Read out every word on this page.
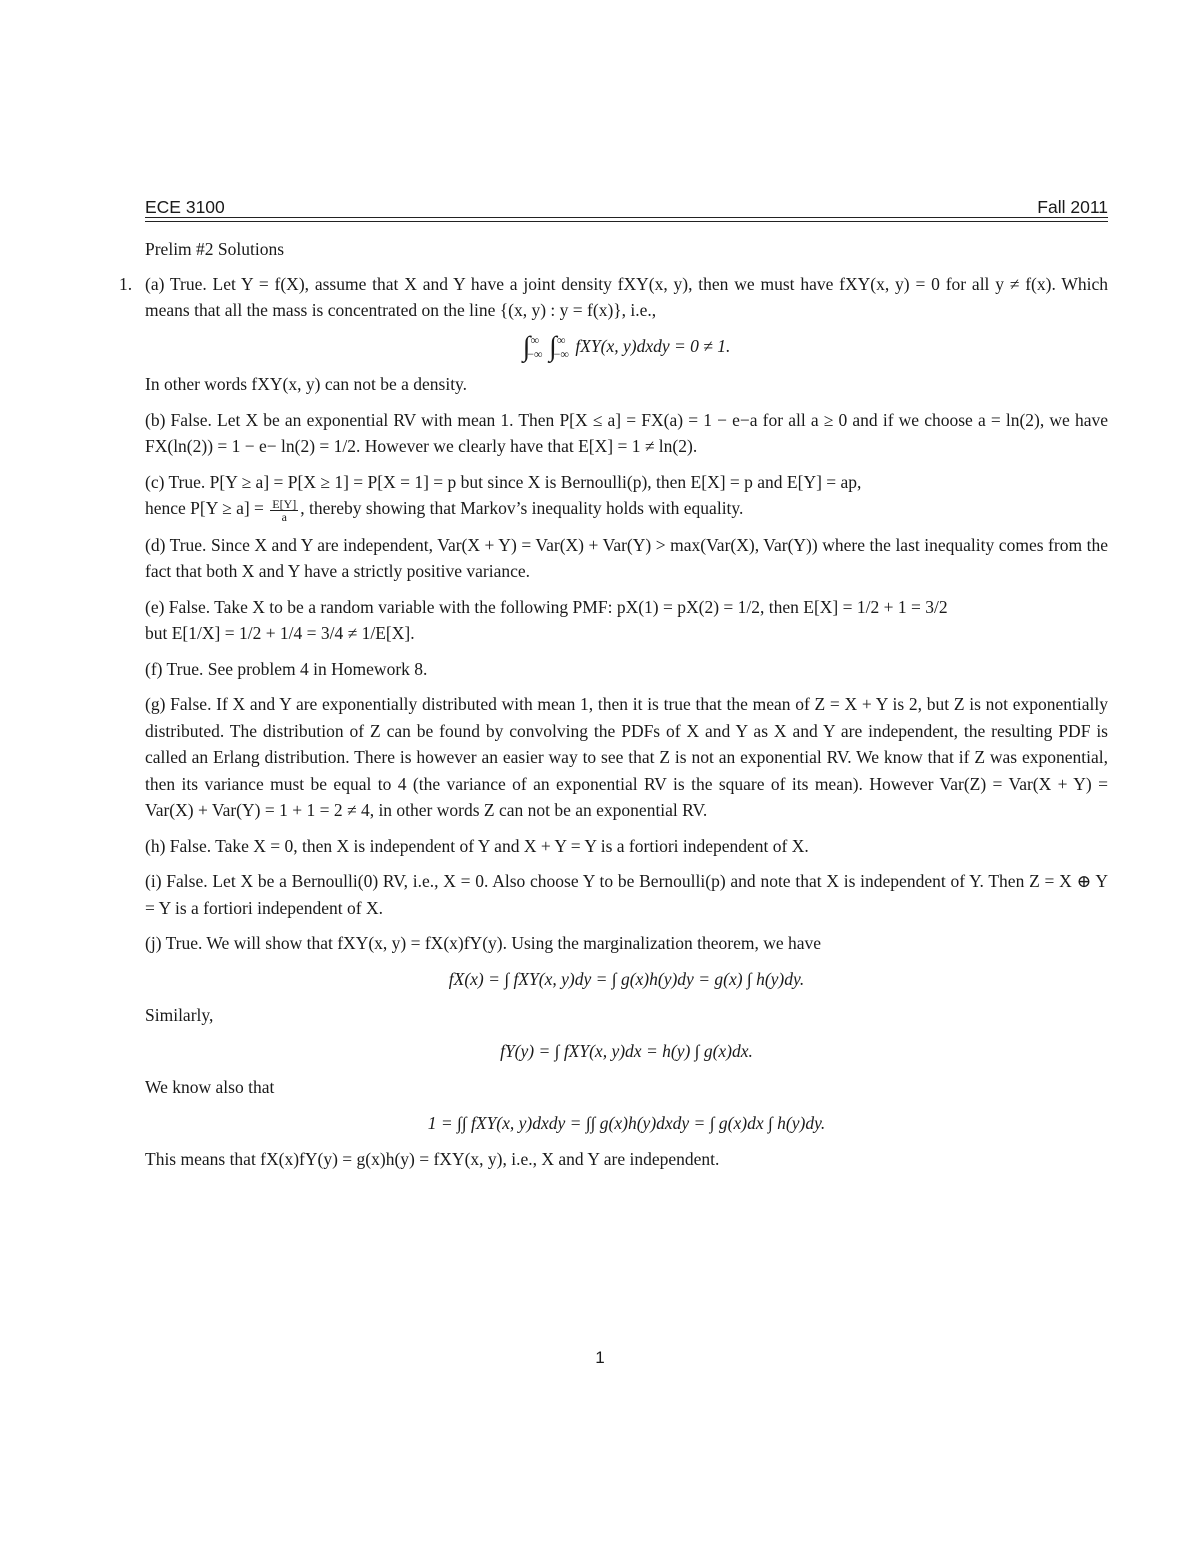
ECE 3100	Fall 2011
Prelim #2 Solutions
1. (a) True. Let Y = f(X), assume that X and Y have a joint density fXY(x, y), then we must have fXY(x, y) = 0 for all y ≠ f(x). Which means that all the mass is concentrated on the line {(x, y) : y = f(x)}, i.e.,

∫ ∞
−∞ ∫ ∞
−∞ fXY(x, y)dxdy = 0 ≠ 1.

In other words fXY(x, y) can not be a density.

(b) False. Let X be an exponential RV with mean 1. Then P[X ≤ a] = FX(a) = 1 − e−a for all a ≥ 0 and if we choose a = ln(2), we have FX(ln(2)) = 1 − e− ln(2) = 1/2. However we clearly have that E[X] = 1 ≠ ln(2).

(c) True. P[Y ≥ a] = P[X ≥ 1] = P[X = 1] = p but since X is Bernoulli(p), then E[X] = p and E[Y] = ap,
hence $P[Y \ge a] = \frac{E[Y]}{a}$ , thereby showing that Markov’s inequality holds with equality.

(d) True. Since X and Y are independent, Var(X + Y) = Var(X) + Var(Y) > max(Var(X), Var(Y)) where the last inequality comes from the fact that both X and Y have a strictly positive variance.

(e) False. Take X to be a random variable with the following PMF: pX(1) = pX(2) = 1/2, then E[X] = 1/2 + 1 = 3/2
but E[1/X] = 1/2 + 1/4 = 3/4 ≠ 1/E[X].

(f) True. See problem 4 in Homework 8.

(g) False. If X and Y are exponentially distributed with mean 1, then it is true that the mean of Z = X + Y is 2, but Z is not exponentially distributed. The distribution of Z can be found by convolving the PDFs of X and Y as X and Y are independent, the resulting PDF is called an Erlang distribution. There is however an easier way to see that Z is not an exponential RV. We know that if Z was exponential, then its variance must be equal to 4 (the variance of an exponential RV is the square of its mean). However Var(Z) = Var(X + Y) = Var(X) + Var(Y) = 1 + 1 = 2 ≠ 4, in other words Z can not be an exponential RV.

(h) False. Take X = 0, then X is independent of Y and X + Y = Y is a fortiori independent of X.

(i) False. Let X be a Bernoulli(0) RV, i.e., X = 0. Also choose Y to be Bernoulli(p) and note that X is independent of Y. Then Z = X ⊕ Y = Y is a fortiori independent of X.

(j) True. We will show that fXY(x, y) = fX(x)fY(y). Using the marginalization theorem, we have

fX(x) = ∫ fXY(x, y)dy = ∫ g(x)h(y)dy = g(x) ∫ h(y)dy.

Similarly,

fY(y) = ∫ fXY(x, y)dx = h(y) ∫ g(x)dx.

We know also that

1 = ∫∫ fXY(x, y)dxdy = ∫∫ g(x)h(y)dxdy = ∫ g(x)dx ∫ h(y)dy.

This means that fX(x)fY(y) = g(x)h(y) = fXY(x, y), i.e., X and Y are independent.

1
